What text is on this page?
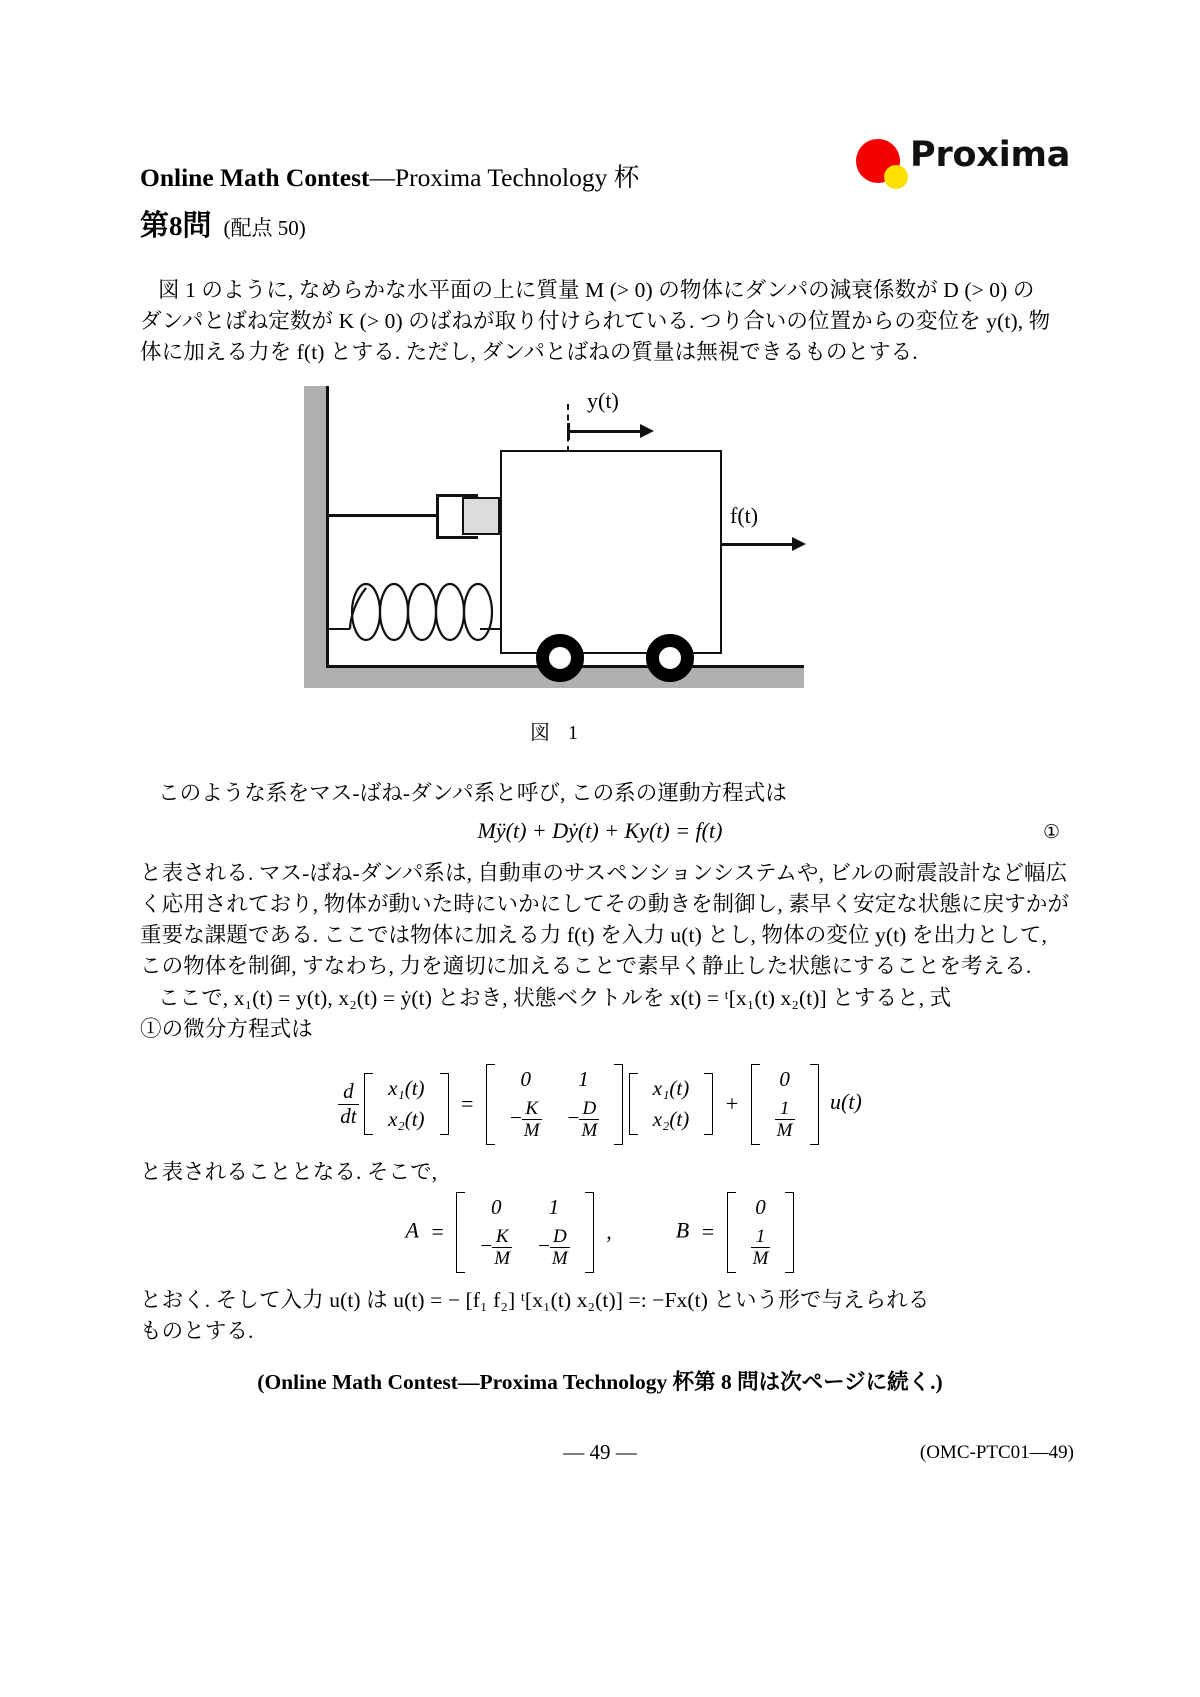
Proxima
Online Math Contest—Proxima Technology 杯
第8問 (配点 50)
図 1 のように, なめらかな水平面の上に質量 M (> 0) の物体にダンパの減衰係数が D (> 0) の
ダンパとばね定数が K (> 0) のばねが取り付けられている. つり合いの位置からの変位を y(t), 物
体に加える力を f(t) とする. ただし, ダンパとばねの質量は無視できるものとする.
y(t)
f(t)
図 1
このような系をマス-ばね-ダンパ系と呼び, この系の運動方程式は
Mÿ(t) + Dẏ(t) + Ky(t) = f(t)	①
と表される. マス-ばね-ダンパ系は, 自動車のサスペンションシステムや, ビルの耐震設計など幅広
く応用されており, 物体が動いた時にいかにしてその動きを制御し, 素早く安定な状態に戻すかが
重要な課題である. ここでは物体に加える力 f(t) を入力 u(t) とし, 物体の変位 y(t) を出力として,
この物体を制御, すなわち, 力を適切に加えることで素早く静止した状態にすることを考える.
ここで, x₁(t) = y(t), x₂(t) = ẏ(t) とおき, 状態ベクトルを x(t) = ᵗ[x₁(t) x₂(t)] とすると, 式
①の微分方程式は
$\frac{d}{dt}$
x₁(t)
x₂(t)
=
0	1
− $\frac{K}{M}$	− $\frac{D}{M}$

x₁(t)
x₂(t)
+
0

$\frac{1}{M} u(t)$
と表されることとなる. そこで,
A =
0	1
− $\frac{K}{M}$	− $\frac{D}{M}$ ,	B =
0

$\frac{1}{M}$
とおく. そして入力 u(t) は u(t) = − [f₁ f₂] ᵗ[x₁(t) x₂(t)] =: −Fx(t) という形で与えられる
ものとする.
(Online Math Contest—Proxima Technology 杯第 8 問は次ページに続く.)
— 49 —	(OMC-PTC01—49)
